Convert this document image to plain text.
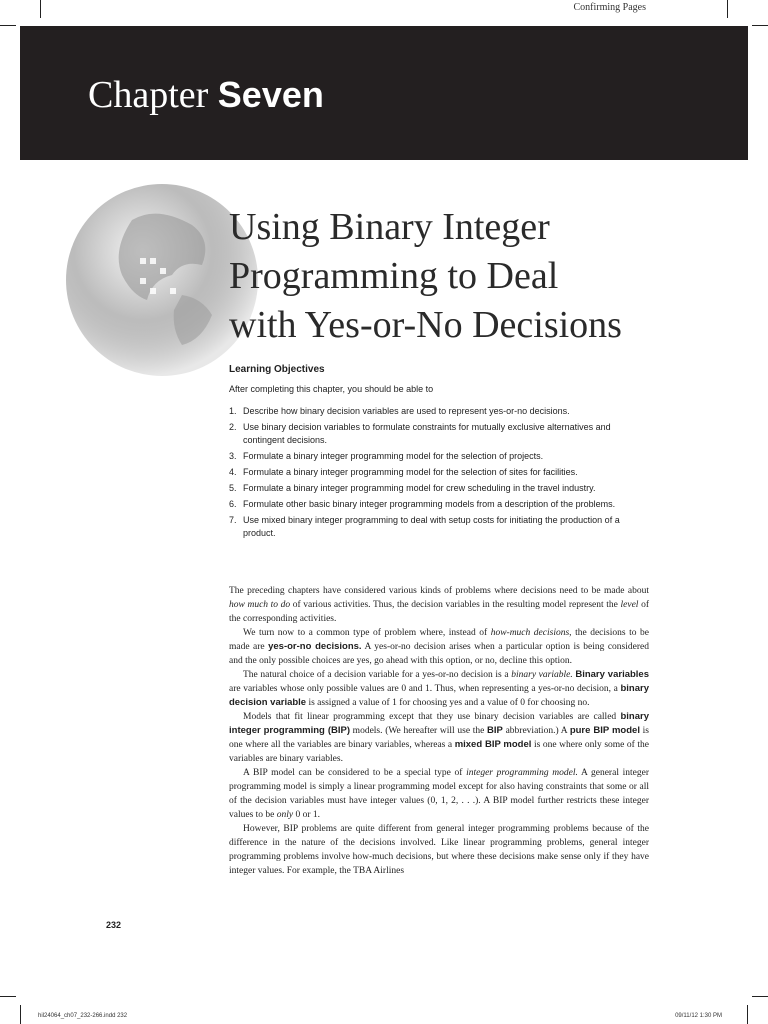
Confirming Pages
Chapter Seven
Using Binary Integer
Programming to Deal
with Yes-or-No Decisions
Learning Objectives
After completing this chapter, you should be able to
1. Describe how binary decision variables are used to represent yes-or-no decisions.
2. Use binary decision variables to formulate constraints for mutually exclusive alternatives and contingent decisions.
3. Formulate a binary integer programming model for the selection of projects.
4. Formulate a binary integer programming model for the selection of sites for facilities.
5. Formulate a binary integer programming model for crew scheduling in the travel industry.
6. Formulate other basic binary integer programming models from a description of the problems.
7. Use mixed binary integer programming to deal with setup costs for initiating the production of a product.

The preceding chapters have considered various kinds of problems where decisions need to be made about how much to do of various activities. Thus, the decision variables in the resulting model represent the level of the corresponding activities.

We turn now to a common type of problem where, instead of how-much decisions, the decisions to be made are yes-or-no decisions. A yes-or-no decision arises when a particular option is being considered and the only possible choices are yes, go ahead with this option, or no, decline this option.

The natural choice of a decision variable for a yes-or-no decision is a binary variable. Binary variables are variables whose only possible values are 0 and 1. Thus, when representing a yes-or-no decision, a binary decision variable is assigned a value of 1 for choosing yes and a value of 0 for choosing no.

Models that fit linear programming except that they use binary decision variables are called binary integer programming (BIP) models. (We hereafter will use the BIP abbreviation.) A pure BIP model is one where all the variables are binary variables, whereas a mixed BIP model is one where only some of the variables are binary variables.

A BIP model can be considered to be a special type of integer programming model. A general integer programming model is simply a linear programming model except for also having constraints that some or all of the decision variables must have integer values (0, 1, 2, . . .). A BIP model further restricts these integer values to be only 0 or 1.

However, BIP problems are quite different from general integer programming problems because of the difference in the nature of the decisions involved. Like linear programming problems, general integer programming problems involve how-much decisions, but where these decisions make sense only if they have integer values. For example, the TBA Airlines

232
hil24064_ch07_232-266.indd 232	09/11/12 1:30 PM
